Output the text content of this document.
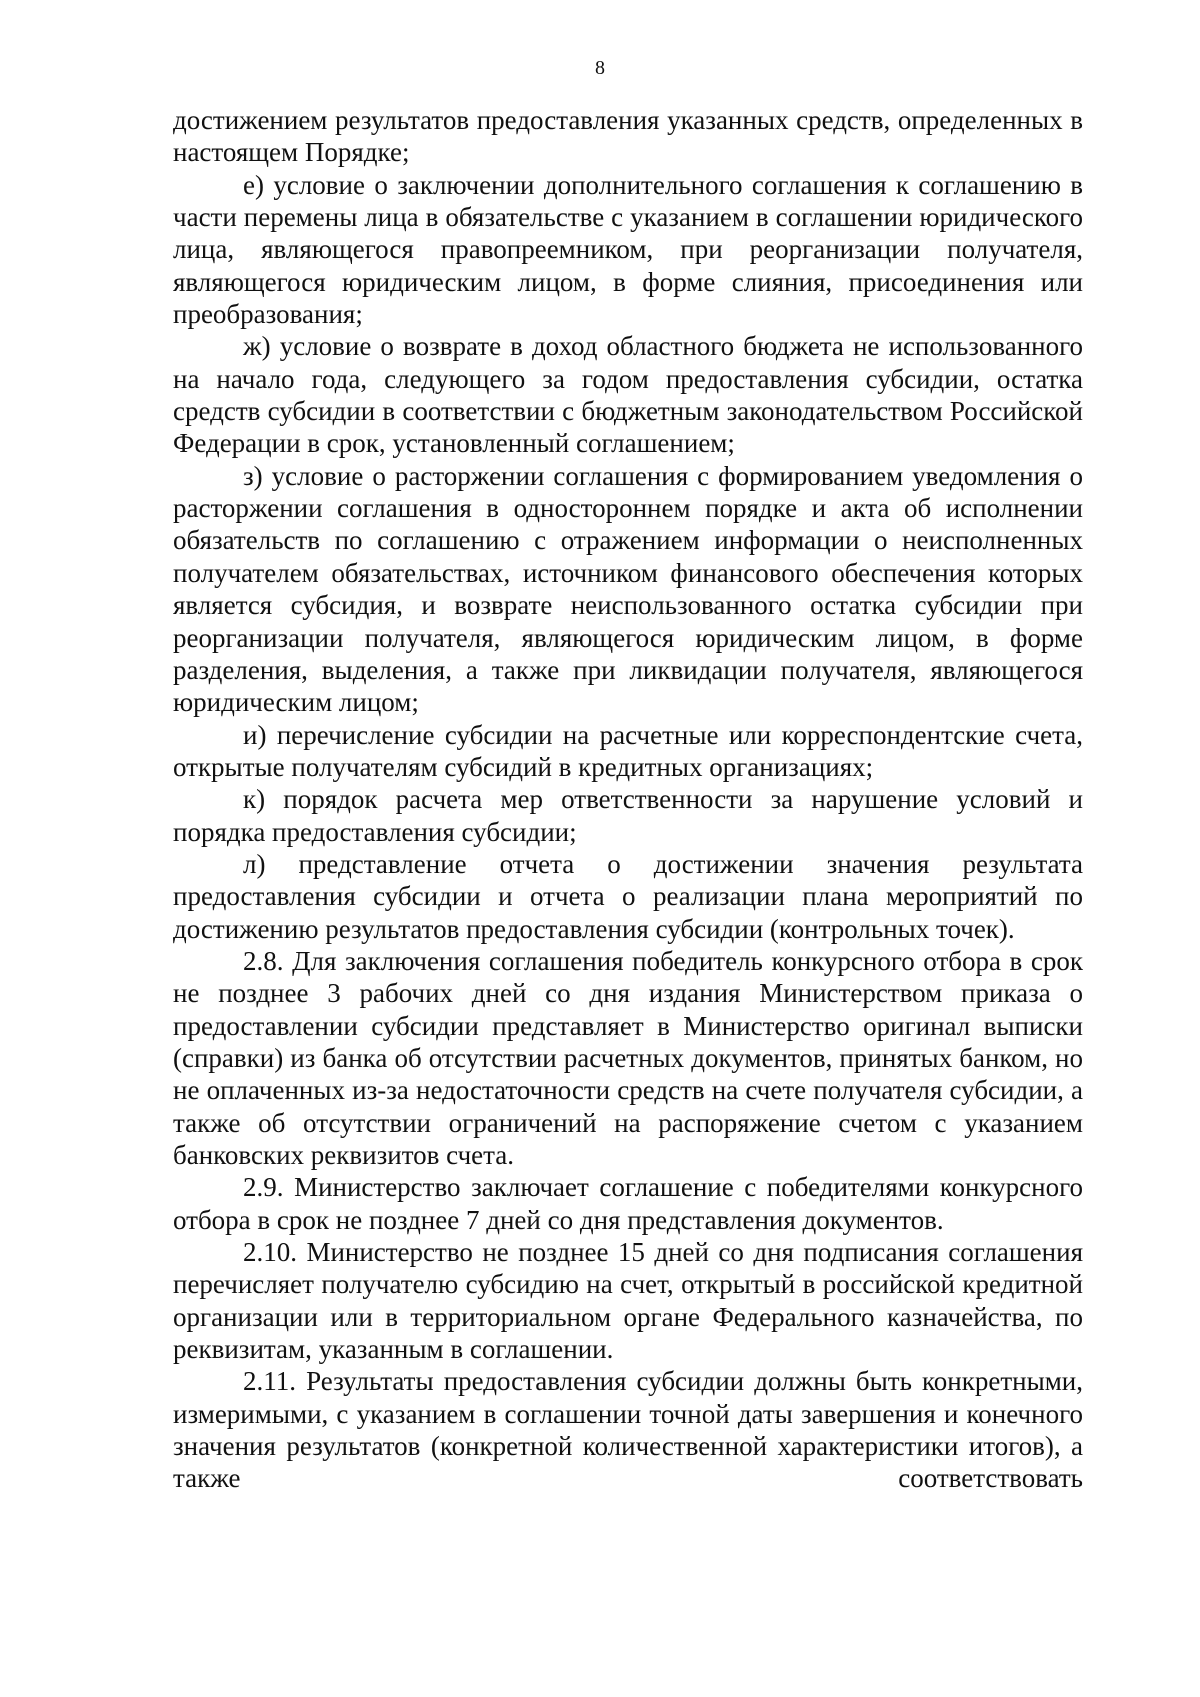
8

достижением результатов предоставления указанных средств, определенных в настоящем Порядке;

е) условие о заключении дополнительного соглашения к соглашению в части перемены лица в обязательстве с указанием в соглашении юридического лица, являющегося правопреемником, при реорганизации получателя, являющегося юридическим лицом, в форме слияния, присоединения или преобразования;

ж) условие о возврате в доход областного бюджета не использованного на начало года, следующего за годом предоставления субсидии, остатка средств субсидии в соответствии с бюджетным законодательством Российской Федерации в срок, установленный соглашением;

з) условие о расторжении соглашения с формированием уведомления о расторжении соглашения в одностороннем порядке и акта об исполнении обязательств по соглашению с отражением информации о неисполненных получателем обязательствах, источником финансового обеспечения которых является субсидия, и возврате неиспользованного остатка субсидии при реорганизации получателя, являющегося юридическим лицом, в форме разделения, выделения, а также при ликвидации получателя, являющегося юридическим лицом;

и) перечисление субсидии на расчетные или корреспондентские счета, открытые получателям субсидий в кредитных организациях;

к) порядок расчета мер ответственности за нарушение условий и порядка предоставления субсидии;

л) представление отчета о достижении значения результата предоставления субсидии и отчета о реализации плана мероприятий по достижению результатов предоставления субсидии (контрольных точек).

2.8. Для заключения соглашения победитель конкурсного отбора в срок не позднее 3 рабочих дней со дня издания Министерством приказа о предоставлении субсидии представляет в Министерство оригинал выписки (справки) из банка об отсутствии расчетных документов, принятых банком, но не оплаченных из-за недостаточности средств на счете получателя субсидии, а также об отсутствии ограничений на распоряжение счетом с указанием банковских реквизитов счета.

2.9. Министерство заключает соглашение с победителями конкурсного отбора в срок не позднее 7 дней со дня представления документов.

2.10. Министерство не позднее 15 дней со дня подписания соглашения перечисляет получателю субсидию на счет, открытый в российской кредитной организации или в территориальном органе Федерального казначейства, по реквизитам, указанным в соглашении.

2.11. Результаты предоставления субсидии должны быть конкретными, измеримыми, с указанием в соглашении точной даты завершения и конечного значения результатов (конкретной количественной характеристики итогов), а также соответствовать
